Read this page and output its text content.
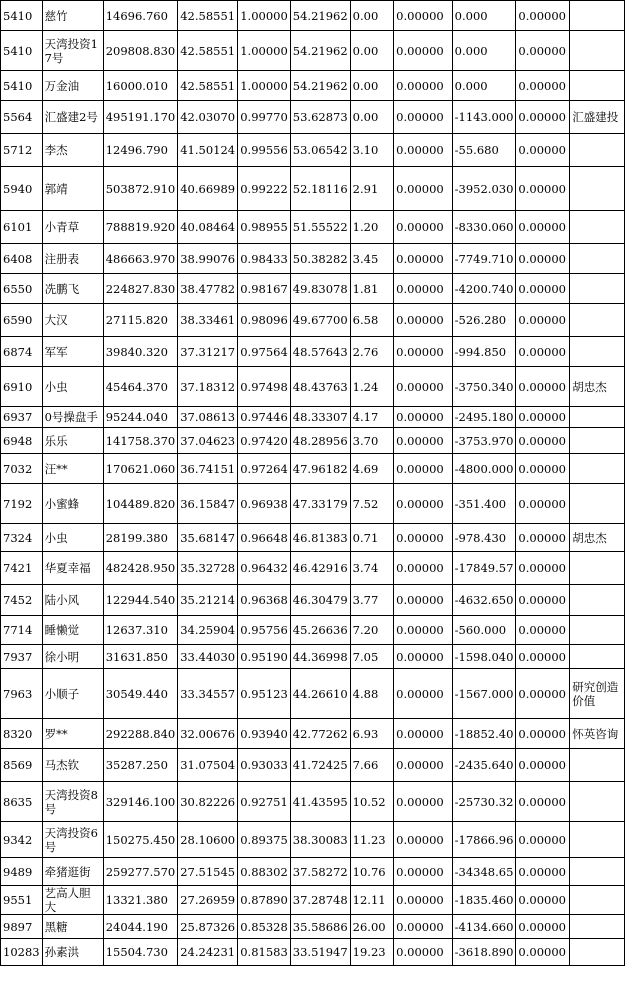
5410	慈竹	14696.760	42.58551	1.00000	54.21962	0.00	0.00000	0.000	0.00000	
5410	天湾投资17号	209808.830	42.58551	1.00000	54.21962	0.00	0.00000	0.000	0.00000	
5410	万金油	16000.010	42.58551	1.00000	54.21962	0.00	0.00000	0.000	0.00000	
5564	汇盛建2号	495191.170	42.03070	0.99770	53.62873	0.00	0.00000	-1143.000	0.00000	汇盛建投
5712	李杰	12496.790	41.50124	0.99556	53.06542	3.10	0.00000	-55.680	0.00000	
5940	郭靖	503872.910	40.66989	0.99222	52.18116	2.91	0.00000	-3952.030	0.00000	
6101	小青草	788819.920	40.08464	0.98955	51.55522	1.20	0.00000	-8330.060	0.00000	
6408	注册表	486663.970	38.99076	0.98433	50.38282	3.45	0.00000	-7749.710	0.00000	
6550	冼鹏飞	224827.830	38.47782	0.98167	49.83078	1.81	0.00000	-4200.740	0.00000	
6590	大汉	27115.820	38.33461	0.98096	49.67700	6.58	0.00000	-526.280	0.00000	
6874	军军	39840.320	37.31217	0.97564	48.57643	2.76	0.00000	-994.850	0.00000	
6910	小虫	45464.370	37.18312	0.97498	48.43763	1.24	0.00000	-3750.340	0.00000	胡忠杰
6937	0号操盘手	95244.040	37.08613	0.97446	48.33307	4.17	0.00000	-2495.180	0.00000	
6948	乐乐	141758.370	37.04623	0.97420	48.28956	3.70	0.00000	-3753.970	0.00000	
7032	汪**	170621.060	36.74151	0.97264	47.96182	4.69	0.00000	-4800.000	0.00000	
7192	小蜜蜂	104489.820	36.15847	0.96938	47.33179	7.52	0.00000	-351.400	0.00000	
7324	小虫	28199.380	35.68147	0.96648	46.81383	0.71	0.00000	-978.430	0.00000	胡忠杰
7421	华夏幸福	482428.950	35.32728	0.96432	46.42916	3.74	0.00000	-17849.57	0.00000	
7452	陆小风	122944.540	35.21214	0.96368	46.30479	3.77	0.00000	-4632.650	0.00000	
7714	睡懒觉	12637.310	34.25904	0.95756	45.26636	7.20	0.00000	-560.000	0.00000	
7937	徐小明	31631.850	33.44030	0.95190	44.36998	7.05	0.00000	-1598.040	0.00000	
7963	小顺子	30549.440	33.34557	0.95123	44.26610	4.88	0.00000	-1567.000	0.00000	研究创造价值
8320	罗**	292288.840	32.00676	0.93940	42.77262	6.93	0.00000	-18852.40	0.00000	怀英咨询
8569	马杰钦	35287.250	31.07504	0.93033	41.72425	7.66	0.00000	-2435.640	0.00000	
8635	天湾投资8号	329146.100	30.82226	0.92751	41.43595	10.52	0.00000	-25730.32	0.00000	
9342	天湾投资6号	150275.450	28.10600	0.89375	38.30083	11.23	0.00000	-17866.96	0.00000	
9489	牵猪逛街	259277.570	27.51545	0.88302	37.58272	10.76	0.00000	-34348.65	0.00000	
9551	艺高人胆大	13321.380	27.26959	0.87890	37.28748	12.11	0.00000	-1835.460	0.00000	
9897	黑糖	24044.190	25.87326	0.85328	35.58686	26.00	0.00000	-4134.660	0.00000	
10283	孙素洪	15504.730	24.24231	0.81583	33.51947	19.23	0.00000	-3618.890	0.00000	
